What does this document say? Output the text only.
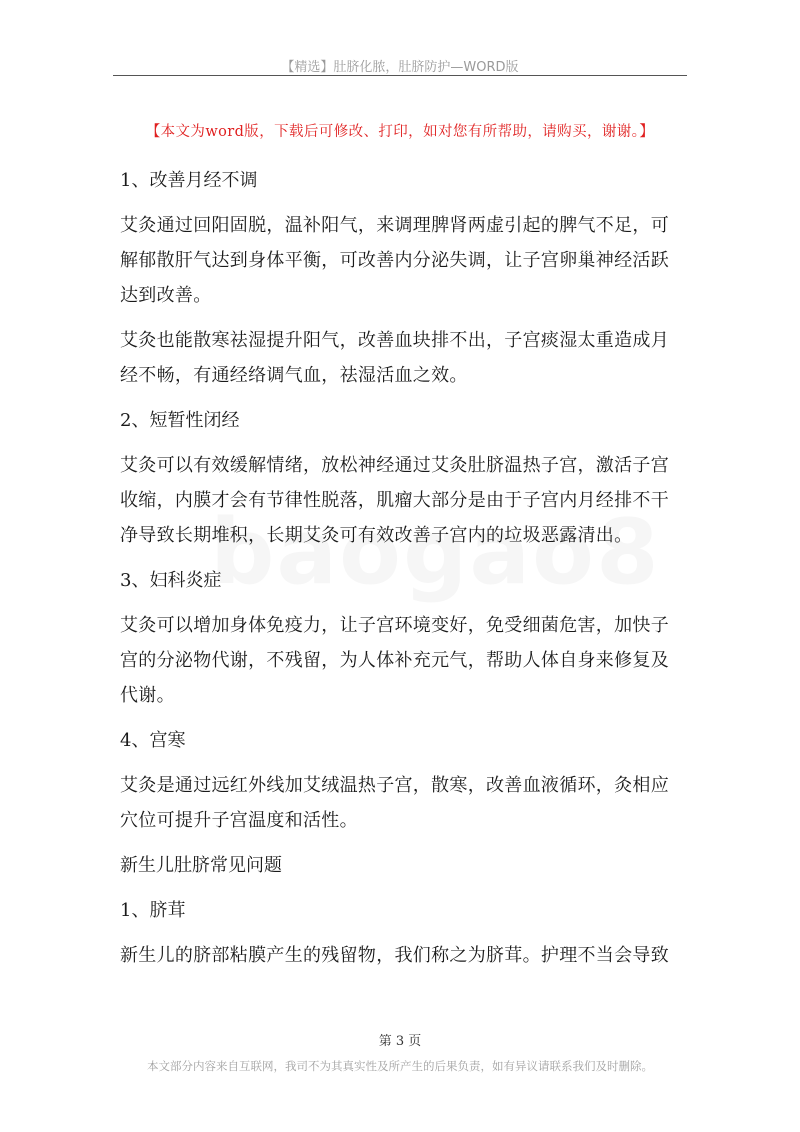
【精选】肚脐化脓，肚脐防护—WORD版
【本文为word版，下载后可修改、打印，如对您有所帮助，请购买，谢谢。】

1、改善月经不调

艾灸通过回阳固脱，温补阳气，来调理脾肾两虚引起的脾气不足，可解郁散肝气达到身体平衡，可改善内分泌失调，让子宫卵巢神经活跃达到改善。

艾灸也能散寒祛湿提升阳气，改善血块排不出，子宫痰湿太重造成月经不畅，有通经络调气血，祛湿活血之效。

2、短暂性闭经

艾灸可以有效缓解情绪，放松神经通过艾灸肚脐温热子宫，激活子宫收缩，内膜才会有节律性脱落，肌瘤大部分是由于子宫内月经排不干净导致长期堆积，长期艾灸可有效改善子宫内的垃圾恶露清出。

3、妇科炎症

艾灸可以增加身体免疫力，让子宫环境变好，免受细菌危害，加快子宫的分泌物代谢，不残留，为人体补充元气，帮助人体自身来修复及代谢。

4、宫寒

艾灸是通过远红外线加艾绒温热子宫，散寒，改善血液循环，灸相应穴位可提升子宫温度和活性。

新生儿肚脐常见问题

1、脐茸

新生儿的脐部粘膜产生的残留物，我们称之为脐茸。护理不当会导致

第 3 页
本文部分内容来自互联网，我司不为其真实性及所产生的后果负责，如有异议请联系我们及时删除。
